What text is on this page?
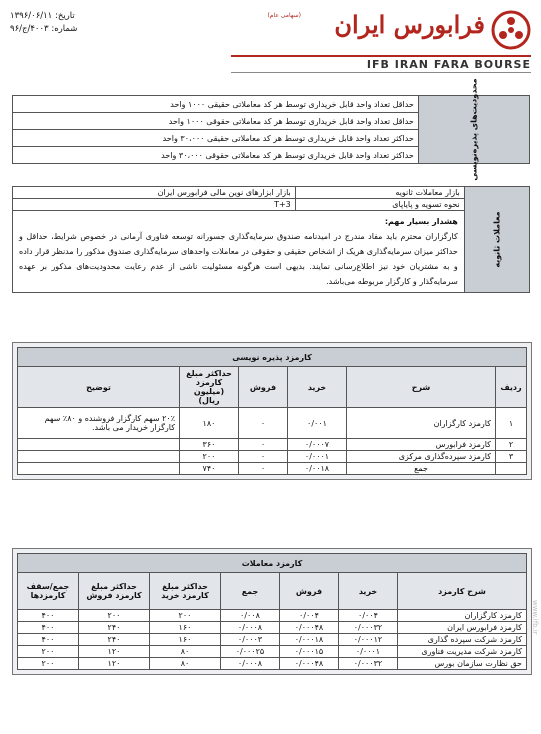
تاریخ: ۱۳۹۶/۰۶/۱۱
شماره: ۴۰۰۳/ج/۹۶	فرابورس ایران
(سهامی عام)
IFB IRAN FARA BOURSE
محدودیت‌های پذیره‌نویسی	حداقل تعداد واحد قابل خریداری توسط هر کد معاملاتی حقیقی ۱۰۰۰ واحد
حداقل تعداد واحد قابل خریداری توسط هر کد معاملاتی حقوقی ۱۰۰۰ واحد
حداکثر تعداد واحد قابل خریداری توسط هر کد معاملاتی حقیقی ۳۰،۰۰۰ واحد
حداکثر تعداد واحد قابل خریداری توسط هر کد معاملاتی حقوقی ۳۰،۰۰۰ واحد
معاملات ثانویه	بازار معاملات ثانویه	بازار ابزارهای نوین مالی فرابورس ایران
	نحوه تسویه و پایاپای	T+3

	هشدار بسیار مهم:
کارگزاران محترم باید مفاد مندرج در امیدنامه صندوق سرمایه‌گذاری جسورانه توسعه فناوری آرمانی در خصوص شرایط، حداقل و حداکثر میزان سرمایه‌گذاری هریک از اشخاص حقیقی و حقوقی در معاملات واحدهای سرمایه‌گذاری صندوق مذکور را مدنظر قرار داده و به مشتریان خود نیز اطلاع‌رسانی نمایند. بدیهی است هرگونه مسئولیت ناشی از عدم رعایت محدودیت‌های مذکور بر عهده سرمایه‌گذار و کارگزار مربوطه می‌باشد.	
کارمزد پذیره نویسی					
ردیف	شرح	خرید	فروش	حداکثر مبلغ کارمزد (میلیون ریال)	توضیح
۱	کارمزد کارگزاران	۰/۰۰۱	۰	۱۸۰	۲۰٪ سهم کارگزار فروشنده و ۸۰٪ سهم کارگزار خریدار می باشد.
۲	کارمزد فرابورس	۰/۰۰۰۷	۰	۳۶۰	
۳	کارمزد سپرده‌گذاری مرکزی	۰/۰۰۰۱	۰	۲۰۰	
	جمع	۰/۰۰۱۸	۰	۷۴۰	
کارمزد معاملات						
شرح کارمزد	خرید	فروش	جمع	حداکثر مبلغ کارمزد خرید	حداکثر مبلغ کارمزد فروش	جمع/سقف کارمزدها
کارمزد کارگزاران	۰/۰۰۴	۰/۰۰۴	۰/۰۰۸	۲۰۰	۲۰۰	۴۰۰
کارمزد فرابورس ایران	۰/۰۰۰۳۲	۰/۰۰۰۴۸	۰/۰۰۰۸	۱۶۰	۲۴۰	۴۰۰
کارمزد شرکت سپرده گذاری	۰/۰۰۰۱۲	۰/۰۰۰۱۸	۰/۰۰۰۳	۱۶۰	۲۴۰	۴۰۰
کارمزد شرکت مدیریت فناوری	۰/۰۰۰۱	۰/۰۰۰۱۵	۰/۰۰۰۲۵	۸۰	۱۲۰	۲۰۰
حق نظارت سازمان بورس	۰/۰۰۰۳۲	۰/۰۰۰۴۸	۰/۰۰۰۸	۸۰	۱۲۰	۲۰۰
www.ifb.ir
